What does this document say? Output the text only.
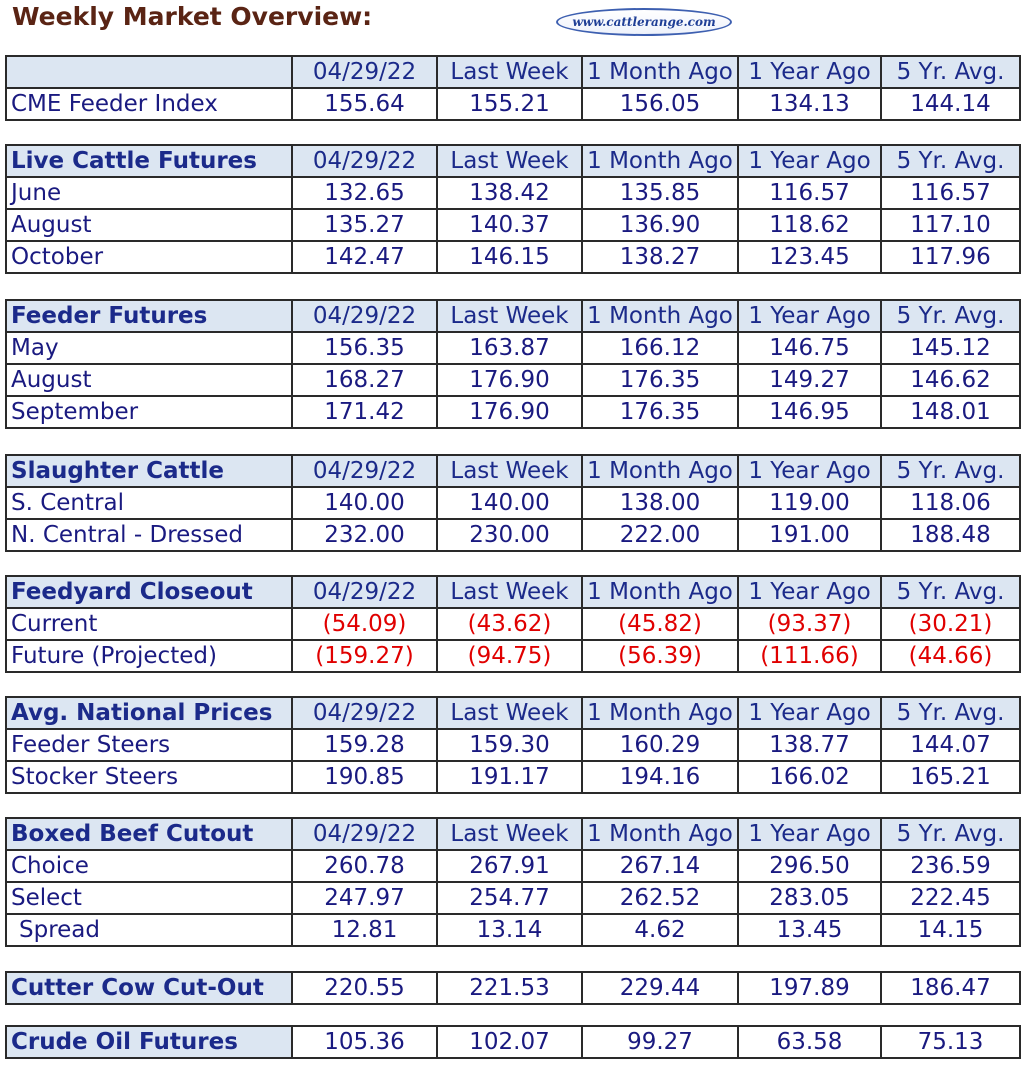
Weekly Market Overview:	www.cattlerange.com
	04/29/22	Last Week	1 Month Ago	1 Year Ago	5 Yr. Avg.
CME Feeder Index	155.64	155.21	156.05	134.13	144.14
Live Cattle Futures	04/29/22	Last Week	1 Month Ago	1 Year Ago	5 Yr. Avg.
June	132.65	138.42	135.85	116.57	116.57
August	135.27	140.37	136.90	118.62	117.10
October	142.47	146.15	138.27	123.45	117.96
Feeder Futures	04/29/22	Last Week	1 Month Ago	1 Year Ago	5 Yr. Avg.
May	156.35	163.87	166.12	146.75	145.12
August	168.27	176.90	176.35	149.27	146.62
September	171.42	176.90	176.35	146.95	148.01
Slaughter Cattle	04/29/22	Last Week	1 Month Ago	1 Year Ago	5 Yr. Avg.
S. Central	140.00	140.00	138.00	119.00	118.06
N. Central - Dressed	232.00	230.00	222.00	191.00	188.48
Feedyard Closeout	04/29/22	Last Week	1 Month Ago	1 Year Ago	5 Yr. Avg.
Current	(54.09)	(43.62)	(45.82)	(93.37)	(30.21)
Future (Projected)	(159.27)	(94.75)	(56.39)	(111.66)	(44.66)
Avg. National Prices	04/29/22	Last Week	1 Month Ago	1 Year Ago	5 Yr. Avg.
Feeder Steers	159.28	159.30	160.29	138.77	144.07
Stocker Steers	190.85	191.17	194.16	166.02	165.21
Boxed Beef Cutout	04/29/22	Last Week	1 Month Ago	1 Year Ago	5 Yr. Avg.
Choice	260.78	267.91	267.14	296.50	236.59
Select	247.97	254.77	262.52	283.05	222.45
Spread	12.81	13.14	4.62	13.45	14.15
Cutter Cow Cut-Out	220.55	221.53	229.44	197.89	186.47
Crude Oil Futures	105.36	102.07	99.27	63.58	75.13
